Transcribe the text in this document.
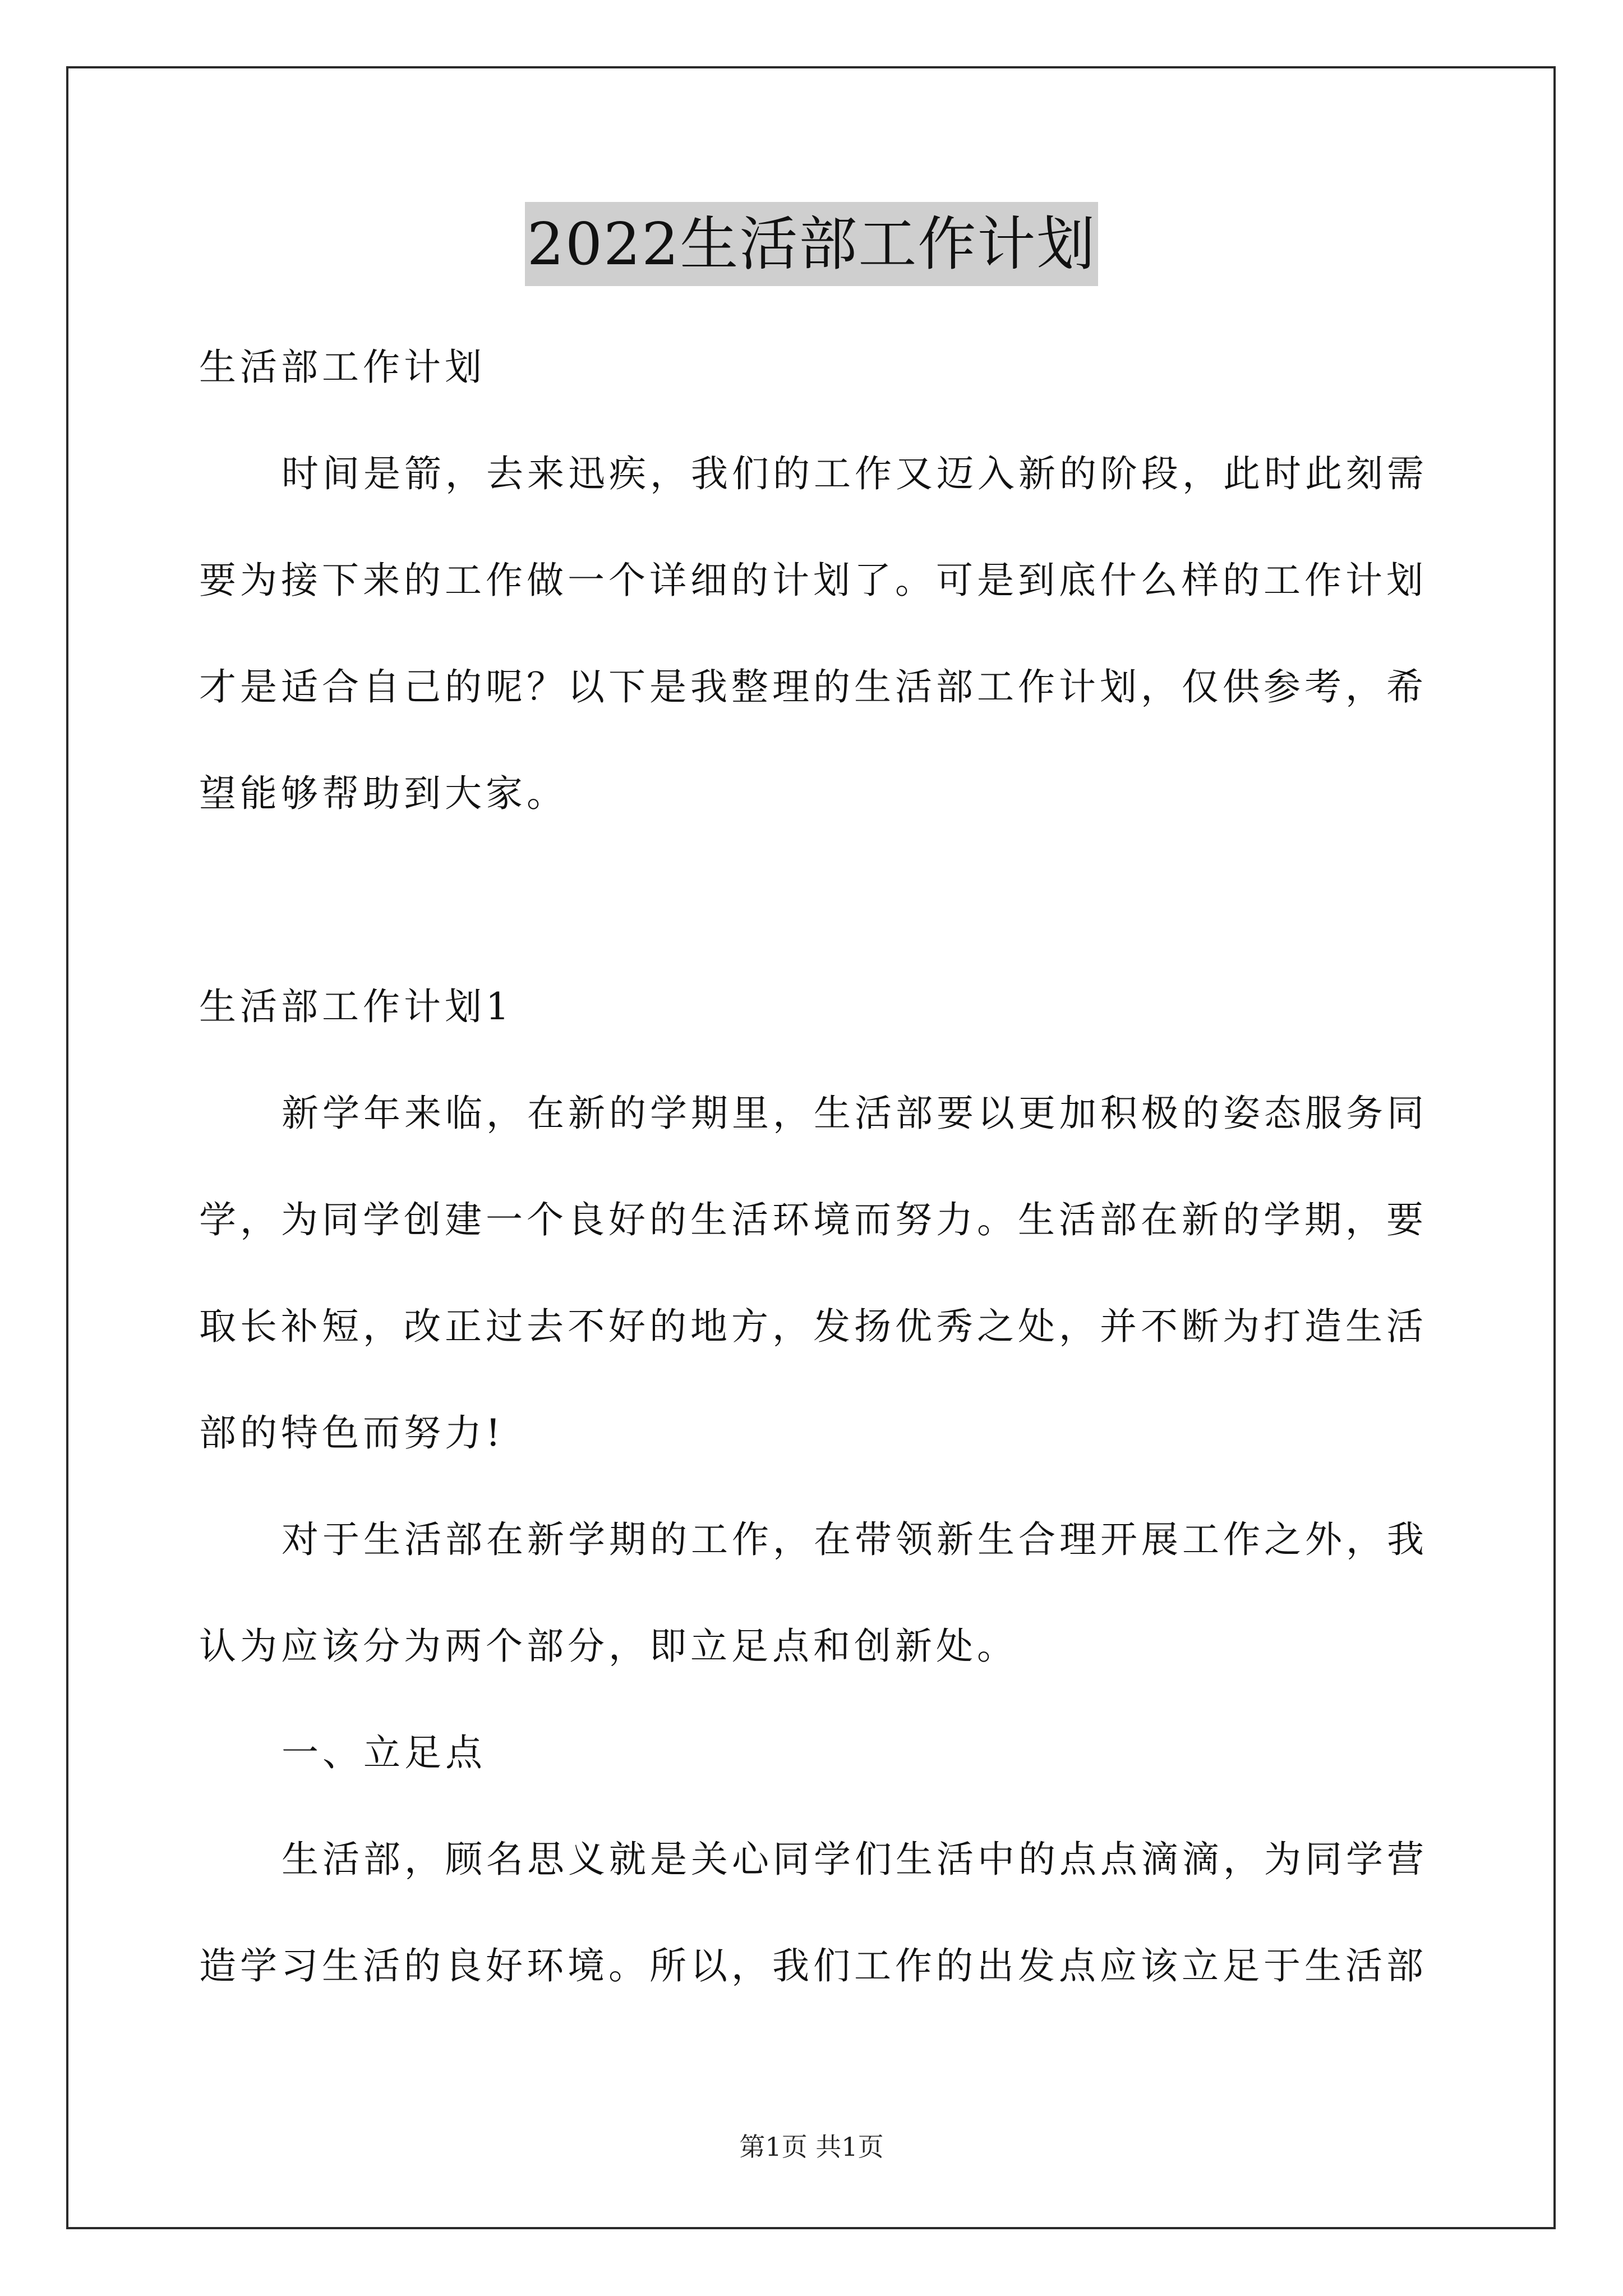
2022生活部工作计划
生活部工作计划
时间是箭，去来迅疾，我们的工作又迈入新的阶段，此时此刻需
要为接下来的工作做一个详细的计划了。可是到底什么样的工作计划
才是适合自己的呢？以下是我整理的生活部工作计划，仅供参考，希
望能够帮助到大家。
生活部工作计划1
新学年来临，在新的学期里，生活部要以更加积极的姿态服务同
学，为同学创建一个良好的生活环境而努力。生活部在新的学期，要
取长补短，改正过去不好的地方，发扬优秀之处，并不断为打造生活
部的特色而努力!
对于生活部在新学期的工作，在带领新生合理开展工作之外，我
认为应该分为两个部分，即立足点和创新处。
一、立足点
生活部，顾名思义就是关心同学们生活中的点点滴滴，为同学营
造学习生活的良好环境。所以，我们工作的出发点应该立足于生活部
第1页 共1页
